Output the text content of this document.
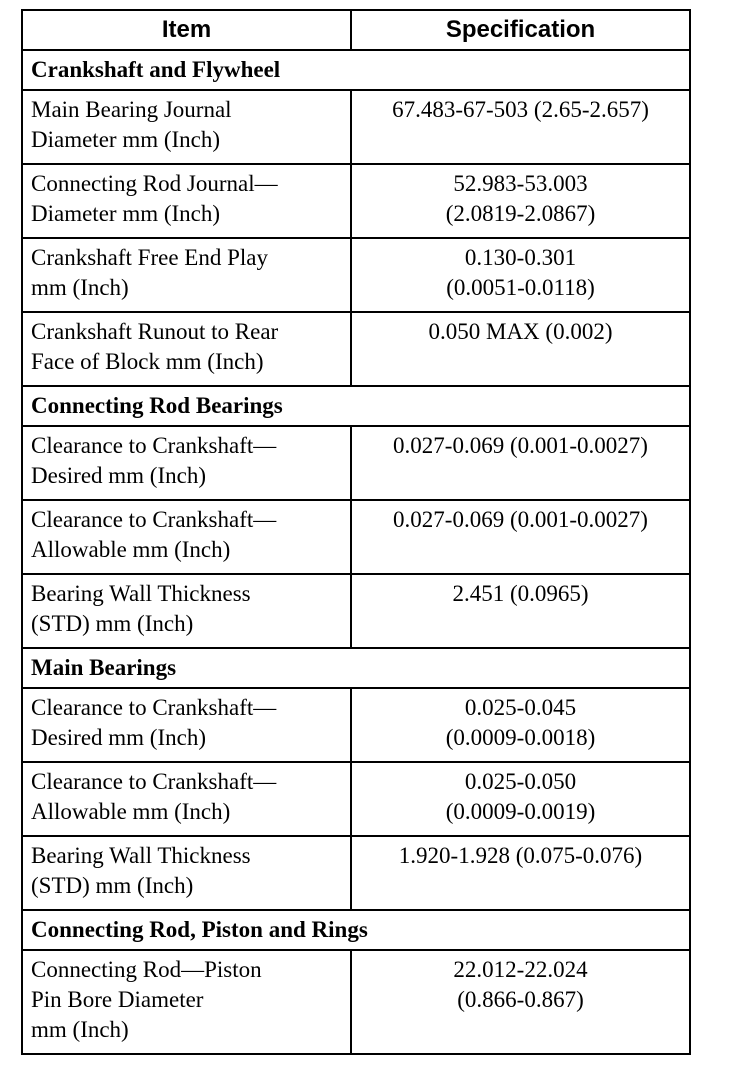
Item	Specification
Crankshaft and Flywheel	

Main Bearing Journal
Diameter mm (Inch)	67.483-67-503 (2.65-2.657)

Connecting Rod Journal—
Diameter mm (Inch)	52.983-53.003
(2.0819-2.0867)

Crankshaft Free End Play
mm (Inch)	0.130-0.301
(0.0051-0.0118)

Crankshaft Runout to Rear
Face of Block mm (Inch)	0.050 MAX (0.002)

Connecting Rod Bearings	

Clearance to Crankshaft—
Desired mm (Inch)	0.027-0.069 (0.001-0.0027)

Clearance to Crankshaft—
Allowable mm (Inch)	0.027-0.069 (0.001-0.0027)

Bearing Wall Thickness
(STD) mm (Inch)	2.451 (0.0965)

Main Bearings	

Clearance to Crankshaft—
Desired mm (Inch)	0.025-0.045
(0.0009-0.0018)

Clearance to Crankshaft—
Allowable mm (Inch)	0.025-0.050
(0.0009-0.0019)

Bearing Wall Thickness
(STD) mm (Inch)	1.920-1.928 (0.075-0.076)

Connecting Rod, Piston and Rings	

Connecting Rod—Piston
Pin Bore Diameter
mm (Inch)	22.012-22.024
(0.866-0.867)
